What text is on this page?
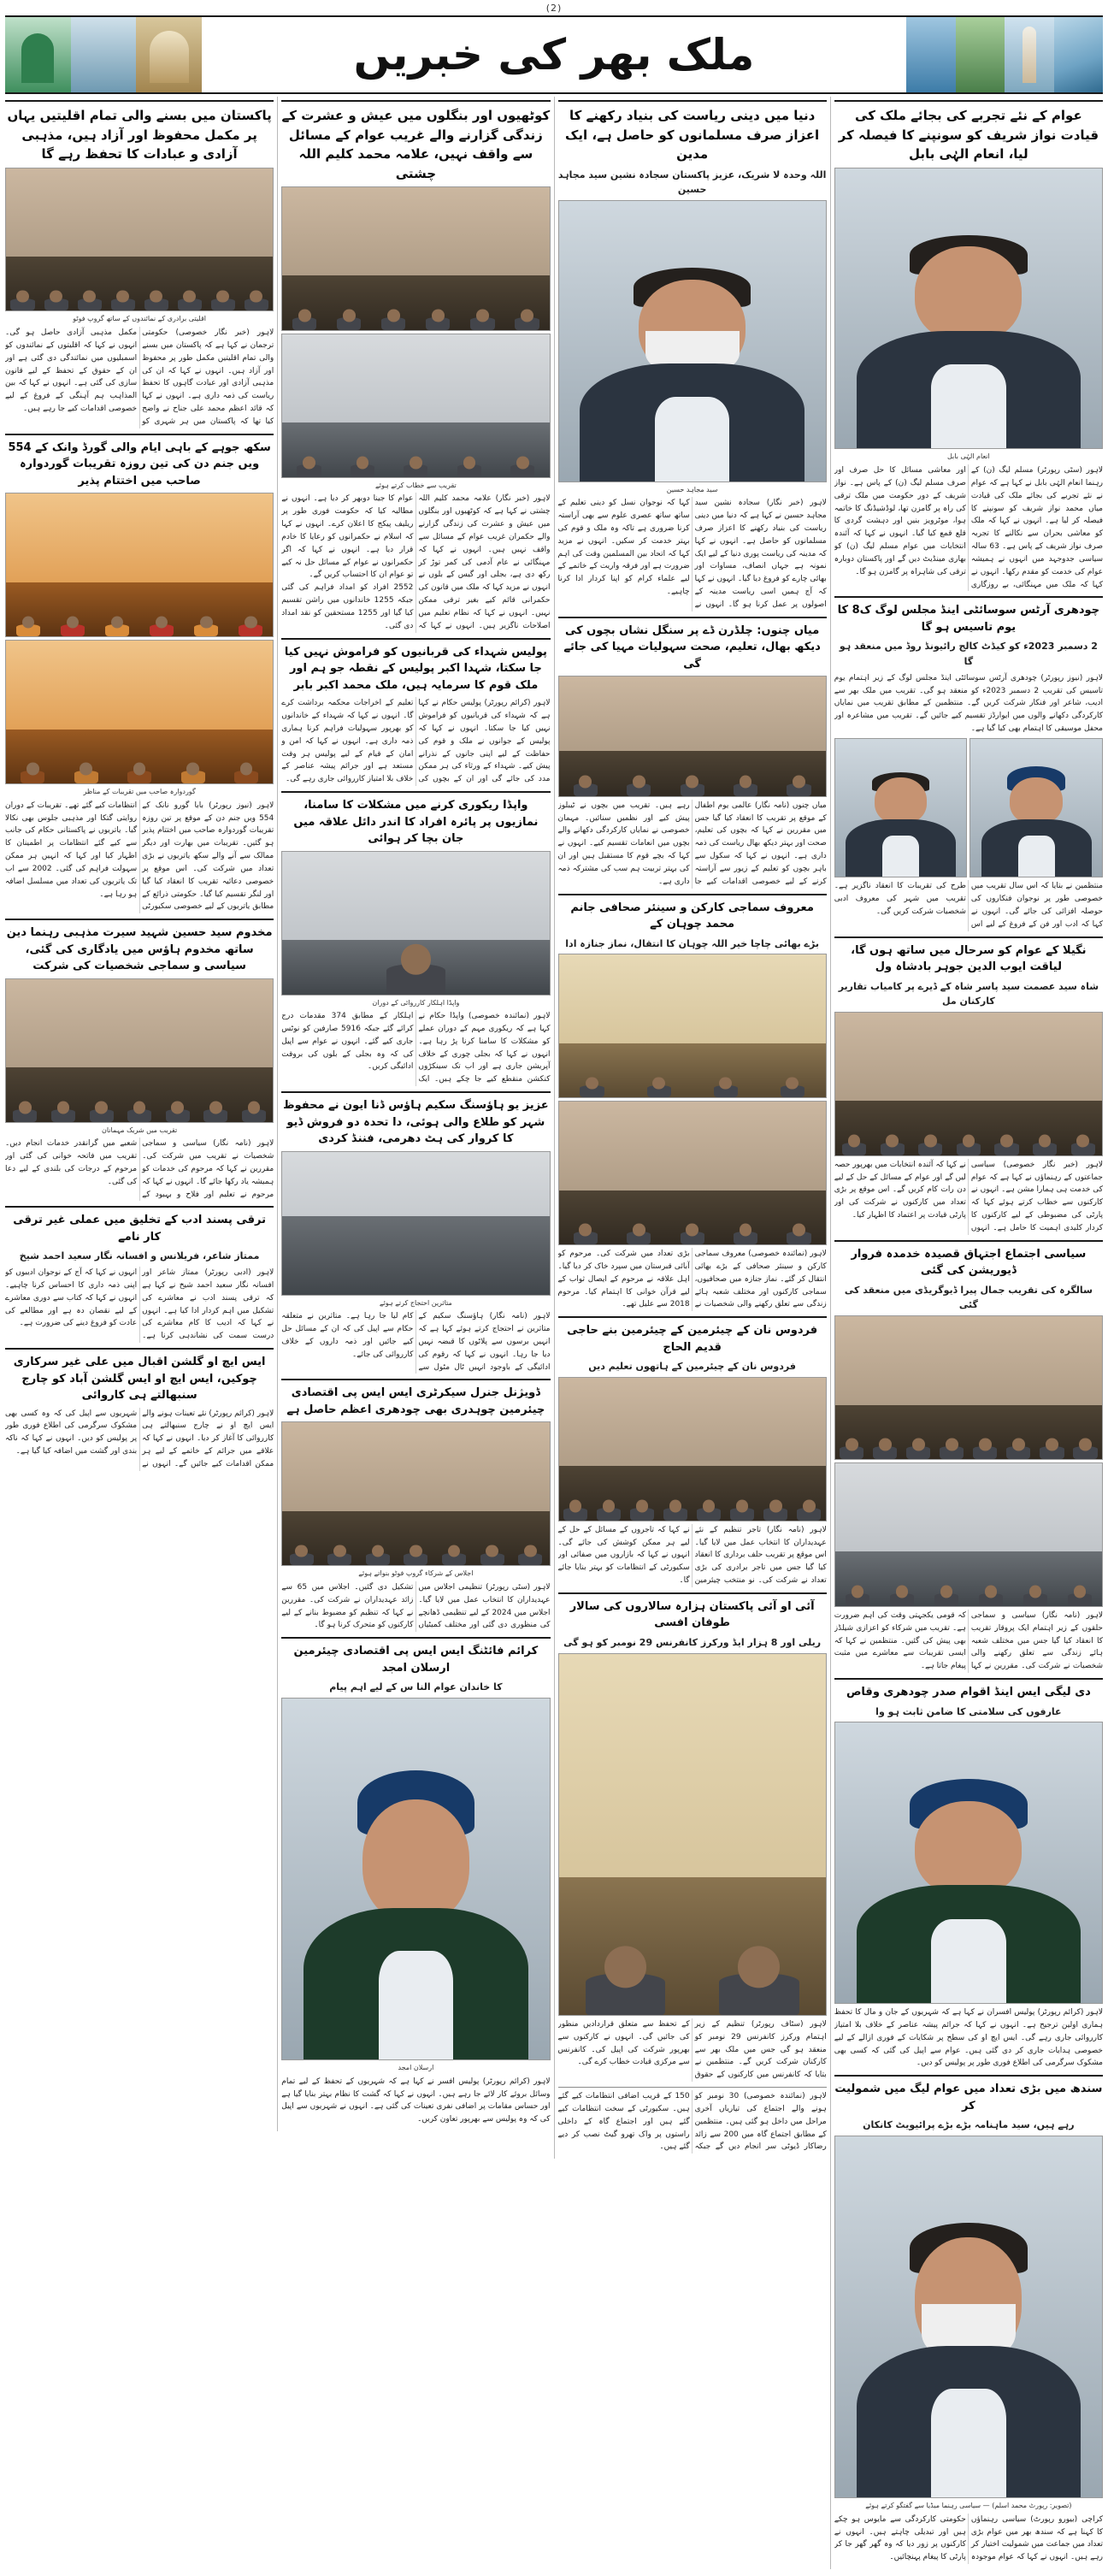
(2)
ملک بھر کی خبریں
عوام کے نئے تجربے کی بجائے ملک کی قیادت نواز شریف کو سونپنے کا فیصلہ کر لیا، انعام الہٰی بابل
انعام الہٰی بابل
لاہور (سٹی رپورٹر) مسلم لیگ (ن) کے رہنما انعام الہٰی بابل نے کہا ہے کہ عوام نے نئے تجربے کی بجائے ملک کی قیادت میاں محمد نواز شریف کو سونپنے کا فیصلہ کر لیا ہے۔ انہوں نے کہا کہ ملک کو معاشی بحران سے نکالنے کا تجربہ صرف نواز شریف کے پاس ہے۔ 63 سالہ سیاسی جدوجہد میں انہوں نے ہمیشہ عوام کی خدمت کو مقدم رکھا۔ انہوں نے کہا کہ ملک میں مہنگائی، بے روزگاری اور معاشی مسائل کا حل صرف اور صرف مسلم لیگ (ن) کے پاس ہے۔ نواز شریف کے دور حکومت میں ملک ترقی کی راہ پر گامزن تھا، لوڈشیڈنگ کا خاتمہ ہوا، موٹرویز بنیں اور دہشت گردی کا قلع قمع کیا گیا۔ انہوں نے کہا کہ آئندہ انتخابات میں عوام مسلم لیگ (ن) کو بھاری مینڈیٹ دیں گے اور پاکستان دوبارہ ترقی کی شاہراہ پر گامزن ہو گا۔
چودھری آرٹس سوسائٹی اینڈ مجلس لوگ ک8 کا یوم تاسیس ہو گا
2 دسمبر 2023ء کو کیڈٹ کالج رائیونڈ روڈ میں منعقد ہو گا
لاہور (نیوز رپورٹر) چودھری آرٹس سوسائٹی اینڈ مجلس لوگ کے زیر اہتمام یوم تاسیس کی تقریب 2 دسمبر 2023ء کو منعقد ہو گی۔ تقریب میں ملک بھر سے ادیب، شاعر اور فنکار شرکت کریں گے۔ منتظمین کے مطابق تقریب میں نمایاں کارکردگی دکھانے والوں میں ایوارڈز تقسیم کیے جائیں گے۔ تقریب میں مشاعرہ اور محفل موسیقی کا اہتمام بھی کیا گیا ہے۔
منتظمین نے بتایا کہ اس سال تقریب میں خصوصی طور پر نوجوان فنکاروں کی حوصلہ افزائی کی جائے گی۔ انہوں نے کہا کہ ادب اور فن کے فروغ کے لیے اس طرح کی تقریبات کا انعقاد ناگزیر ہے۔ تقریب میں شہر کی معروف ادبی شخصیات شرکت کریں گی۔
نگیلا کے عوام کو سرحال میں ساتھ ہوں گا، لیاقت ایوب الدین جوہر بادشاہ ول
شاہ سید عصمت سید پاسر شاہ کے ڈیرے پر کامیاب تقاریر کارکنان مل
لاہور (خبر نگار خصوصی) سیاسی جماعتوں کے رہنماؤں نے کہا ہے کہ عوام کی خدمت ہی ہمارا مشن ہے۔ انہوں نے کارکنوں سے خطاب کرتے ہوئے کہا کہ پارٹی کی مضبوطی کے لیے کارکنوں کا کردار کلیدی اہمیت کا حامل ہے۔ انہوں نے کہا کہ آئندہ انتخابات میں بھرپور حصہ لیں گے اور عوام کے مسائل کے حل کے لیے دن رات کام کریں گے۔ اس موقع پر بڑی تعداد میں کارکنوں نے شرکت کی اور پارٹی قیادت پر اعتماد کا اظہار کیا۔
سیاسی اجتماع اجتہاق قصیدہ خدمدہ فروار ڈیوریشن کی گئی
سالگرہ کی تقریب جمال پیرا ڈیوگریڈی میں منعقد کی گئی
لاہور (نامہ نگار) سیاسی و سماجی حلقوں کے زیر اہتمام ایک پروقار تقریب کا انعقاد کیا گیا جس میں مختلف شعبہ ہائے زندگی سے تعلق رکھنے والی شخصیات نے شرکت کی۔ مقررین نے کہا کہ قومی یکجہتی وقت کی اہم ضرورت ہے۔ تقریب میں شرکاء کو اعزازی شیلڈز بھی پیش کی گئیں۔ منتظمین نے کہا کہ ایسی تقریبات سے معاشرے میں مثبت پیغام جاتا ہے۔
دی لیگی ایس اینڈ اقوام صدر چودھری وقاص
عارفوں کی سلامتی کا ضامن ثابت ہو وا
لاہور (کرائم رپورٹر) پولیس افسران نے کہا ہے کہ شہریوں کے جان و مال کا تحفظ ہماری اولین ترجیح ہے۔ انہوں نے کہا کہ جرائم پیشہ عناصر کے خلاف بلا امتیاز کارروائی جاری رہے گی۔ ایس ایچ او کی سطح پر شکایات کے فوری ازالے کے لیے خصوصی ہدایات جاری کر دی گئی ہیں۔ عوام سے اپیل کی گئی کہ کسی بھی مشکوک سرگرمی کی اطلاع فوری طور پر پولیس کو دیں۔
سندھ میں بڑی تعداد میں عوام لیگ میں شمولیت کر
رہے ہیں، سید ماہنامہ بڑے بڑے پرائیویٹ کانکان
(تصویر: رپورٹ محمد اسلم) — سیاسی رہنما میڈیا سے گفتگو کرتے ہوئے
کراچی (بیورو رپورٹ) سیاسی رہنماؤں کا کہنا ہے کہ سندھ بھر میں عوام بڑی تعداد میں جماعت میں شمولیت اختیار کر رہے ہیں۔ انہوں نے کہا کہ عوام موجودہ حکومتی کارکردگی سے مایوس ہو چکے ہیں اور تبدیلی چاہتے ہیں۔ انہوں نے کارکنوں پر زور دیا کہ وہ گھر گھر جا کر پارٹی کا پیغام پہنچائیں۔
دنیا میں دینی ریاست کی بنیاد رکھنے کا اعزاز صرف مسلمانوں کو حاصل ہے، ایک مدین
اللہ وحدہ لا شریک، عزیز پاکستان سجادہ نشین سید مجاہد حسین
سید مجاہد حسین
لاہور (خبر نگار) سجادہ نشین سید مجاہد حسین نے کہا ہے کہ دنیا میں دینی ریاست کی بنیاد رکھنے کا اعزاز صرف مسلمانوں کو حاصل ہے۔ انہوں نے کہا کہ مدینہ کی ریاست پوری دنیا کے لیے ایک نمونہ ہے جہاں انصاف، مساوات اور بھائی چارے کو فروغ دیا گیا۔ انہوں نے کہا کہ آج ہمیں اسی ریاست مدینہ کے اصولوں پر عمل کرنا ہو گا۔ انہوں نے کہا کہ نوجوان نسل کو دینی تعلیم کے ساتھ ساتھ عصری علوم سے بھی آراستہ کرنا ضروری ہے تاکہ وہ ملک و قوم کی بہتر خدمت کر سکیں۔ انہوں نے مزید کہا کہ اتحاد بین المسلمین وقت کی اہم ضرورت ہے اور فرقہ واریت کے خاتمے کے لیے علماء کرام کو اپنا کردار ادا کرنا چاہیے۔
میاں چنوں: چلڈرن ڈے پر سنگل نشاں بچوں کی دیکھ بھال، تعلیم، صحت سہولیات مہیا کی جائے گی
میاں چنوں (نامہ نگار) عالمی یوم اطفال کے موقع پر تقریب کا انعقاد کیا گیا جس میں مقررین نے کہا کہ بچوں کی تعلیم، صحت اور بہتر دیکھ بھال ریاست کی ذمہ داری ہے۔ انہوں نے کہا کہ سکول سے باہر بچوں کو تعلیم کے زیور سے آراستہ کرنے کے لیے خصوصی اقدامات کیے جا رہے ہیں۔ تقریب میں بچوں نے ٹیبلوز پیش کیے اور نظمیں سنائیں۔ مہمان خصوصی نے نمایاں کارکردگی دکھانے والے بچوں میں انعامات تقسیم کیے۔ انہوں نے کہا کہ بچے قوم کا مستقبل ہیں اور ان کی بہتر تربیت ہم سب کی مشترکہ ذمہ داری ہے۔
معروف سماجی کارکن و سینئر صحافی جانم محمد چوہان کے
بڑے بھائی چاچا خیر اللہ چوہان کا انتقال، نماز جنازہ ادا
لاہور (نمائندہ خصوصی) معروف سماجی کارکن و سینئر صحافی کے بڑے بھائی انتقال کر گئے۔ نماز جنازہ میں صحافیوں، سماجی کارکنوں اور مختلف شعبہ ہائے زندگی سے تعلق رکھنے والی شخصیات نے بڑی تعداد میں شرکت کی۔ مرحوم کو آبائی قبرستان میں سپرد خاک کر دیا گیا۔ اہل علاقہ نے مرحوم کے ایصال ثواب کے لیے قرآن خوانی کا اہتمام کیا۔ مرحوم 2018 سے علیل تھے۔
فردوس نان کے چیئرمین کے چیئرمین بنے حاجی قدیم الحاج
فردوس نان کے چیئرمین کے ہاتھوں تعلیم دیں
لاہور (نامہ نگار) تاجر تنظیم کے نئے عہدیداران کا انتخاب عمل میں لایا گیا۔ اس موقع پر تقریب حلف برداری کا انعقاد کیا گیا جس میں تاجر برادری کی بڑی تعداد نے شرکت کی۔ نو منتخب چیئرمین نے کہا کہ تاجروں کے مسائل کے حل کے لیے ہر ممکن کوشش کی جائے گی۔ انہوں نے کہا کہ بازاروں میں صفائی اور سکیورٹی کے انتظامات کو بہتر بنایا جائے گا۔
آئی او آئی پاکستان ہزارہ سالاروں کی سالار طوفان افسی
ریلی اور 8 ہزار ایڈ ورکرز کانفرنس 29 نومبر کو ہو گی
لاہور (سٹاف رپورٹر) تنظیم کے زیر اہتمام ورکرز کانفرنس 29 نومبر کو منعقد ہو گی جس میں ملک بھر سے کارکنان شرکت کریں گے۔ منتظمین نے بتایا کہ کانفرنس میں کارکنوں کے حقوق کے تحفظ سے متعلق قراردادیں منظور کی جائیں گی۔ انہوں نے کارکنوں سے بھرپور شرکت کی اپیل کی۔ کانفرنس سے مرکزی قیادت خطاب کرے گی۔
لاہور (نمائندہ خصوصی) 30 نومبر کو ہونے والے اجتماع کی تیاریاں آخری مراحل میں داخل ہو گئی ہیں۔ منتظمین کے مطابق اجتماع گاہ میں 200 سے زائد رضاکار ڈیوٹی سر انجام دیں گے جبکہ 150 کے قریب اضافی انتظامات کیے گئے ہیں۔ سکیورٹی کے سخت انتظامات کیے گئے ہیں اور اجتماع گاہ کے داخلی راستوں پر واک تھرو گیٹ نصب کر دیے گئے ہیں۔
کوٹھیوں اور بنگلوں میں عیش و عشرت کے زندگی گزارنے والے غریب عوام کے مسائل سے واقف نہیں، علامہ محمد کلیم اللہ چشتی
تقریب سے خطاب کرتے ہوئے
لاہور (خبر نگار) علامہ محمد کلیم اللہ چشتی نے کہا ہے کہ کوٹھیوں اور بنگلوں میں عیش و عشرت کی زندگی گزارنے والے حکمران غریب عوام کے مسائل سے واقف نہیں ہیں۔ انہوں نے کہا کہ مہنگائی نے عام آدمی کی کمر توڑ کر رکھ دی ہے، بجلی اور گیس کے بلوں نے عوام کا جینا دوبھر کر دیا ہے۔ انہوں نے مطالبہ کیا کہ حکومت فوری طور پر ریلیف پیکج کا اعلان کرے۔ انہوں نے کہا کہ اسلام نے حکمرانوں کو رعایا کا خادم قرار دیا ہے۔ انہوں نے کہا کہ اگر حکمرانوں نے عوام کے مسائل حل نہ کیے تو عوام ان کا احتساب کریں گے۔
انہوں نے مزید کہا کہ ملک میں قانون کی حکمرانی قائم کیے بغیر ترقی ممکن نہیں۔ انہوں نے کہا کہ نظام تعلیم میں اصلاحات ناگزیر ہیں۔ انہوں نے کہا کہ 2552 افراد کو امداد فراہم کی گئی جبکہ 1255 خاندانوں میں راشن تقسیم کیا گیا اور 1255 مستحقین کو نقد امداد دی گئی۔
پولیس شہداء کی قربانیوں کو فراموش نہیں کیا جا سکتا، شہدا اکبر پولیس کے نقطہ جو ہم اور ملک قوم کا سرمایہ ہیں، ملک محمد اکبر بابر
لاہور (کرائم رپورٹر) پولیس حکام نے کہا ہے کہ شہداء کی قربانیوں کو فراموش نہیں کیا جا سکتا۔ انہوں نے کہا کہ پولیس کے جوانوں نے ملک و قوم کی حفاظت کے لیے اپنی جانوں کے نذرانے پیش کیے۔ شہداء کے ورثاء کی ہر ممکن مدد کی جائے گی اور ان کے بچوں کی تعلیم کے اخراجات محکمہ برداشت کرے گا۔ انہوں نے کہا کہ شہداء کے خاندانوں کو بھرپور سہولیات فراہم کرنا ہماری ذمہ داری ہے۔ انہوں نے کہا کہ امن و امان کے قیام کے لیے پولیس ہر وقت مستعد ہے اور جرائم پیشہ عناصر کے خلاف بلا امتیاز کارروائی جاری رہے گی۔
واپڈا ریکوری کرنے میں مشکلات کا سامنا، نمازیوں پر پائرہ افراد کا اندر دائل علاقہ میں جان بچا کر ہوائی
واپڈا اہلکار کارروائی کے دوران
لاہور (نمائندہ خصوصی) واپڈا حکام نے کہا ہے کہ ریکوری مہم کے دوران عملے کو مشکلات کا سامنا کرنا پڑ رہا ہے۔ انہوں نے کہا کہ بجلی چوری کے خلاف آپریشن جاری ہے اور اب تک سینکڑوں کنکشن منقطع کیے جا چکے ہیں۔ ایک اہلکار کے مطابق 374 مقدمات درج کرائے گئے جبکہ 5916 صارفین کو نوٹس جاری کیے گئے۔ انہوں نے عوام سے اپیل کی کہ وہ بجلی کے بلوں کی بروقت ادائیگی کریں۔
عزیز یو ہاؤسنگ سکیم ہاؤس ڈنا ایون نے محفوظ شہر کو طلاع والی ہوئی، دا تحدہ دو فروش ڈیو کا کروار کی ہٹ دھرمی، فننڈ کردی
متاثرین احتجاج کرتے ہوئے
لاہور (نامہ نگار) ہاؤسنگ سکیم کے متاثرین نے احتجاج کرتے ہوئے کہا ہے کہ انہیں برسوں سے پلاٹوں کا قبضہ نہیں دیا جا رہا۔ انہوں نے کہا کہ رقوم کی ادائیگی کے باوجود انہیں ٹال مٹول سے کام لیا جا رہا ہے۔ متاثرین نے متعلقہ حکام سے اپیل کی کہ ان کے مسائل حل کیے جائیں اور ذمہ داروں کے خلاف کارروائی کی جائے۔
ڈویژنل جنرل سیکرٹری ایس ایس پی اقتصادی چیئرمین چوہدری بھی چودھری اعظم حاصل ہے
اجلاس کے شرکاء گروپ فوٹو بنواتے ہوئے
لاہور (سٹی رپورٹر) تنظیمی اجلاس میں عہدیداران کا انتخاب عمل میں لایا گیا۔ اجلاس میں 2024 کے لیے تنظیمی ڈھانچے کی منظوری دی گئی اور مختلف کمیٹیاں تشکیل دی گئیں۔ اجلاس میں 65 سے زائد عہدیداران نے شرکت کی۔ مقررین نے کہا کہ تنظیم کو مضبوط بنانے کے لیے کارکنوں کو متحرک کرنا ہو گا۔
کرائم فائٹنگ ایس ایس پی اقتصادی چیئرمین ارسلان امجد
کا خاندان عوام النا س کے لیے اہم پیام
ارسلان امجد
لاہور (کرائم رپورٹر) پولیس افسر نے کہا ہے کہ شہریوں کے تحفظ کے لیے تمام وسائل بروئے کار لائے جا رہے ہیں۔ انہوں نے کہا کہ گشت کا نظام بہتر بنایا گیا ہے اور حساس مقامات پر اضافی نفری تعینات کی گئی ہے۔ انہوں نے شہریوں سے اپیل کی کہ وہ پولیس سے بھرپور تعاون کریں۔
پاکستان میں بسنے والی تمام اقلیتیں یہاں پر مکمل محفوظ اور آزاد ہیں، مذہبی آزادی و عبادات کا تحفظ رہے گا
اقلیتی برادری کے نمائندوں کے ساتھ گروپ فوٹو
لاہور (خبر نگار خصوصی) حکومتی ترجمان نے کہا ہے کہ پاکستان میں بسنے والی تمام اقلیتیں مکمل طور پر محفوظ اور آزاد ہیں۔ انہوں نے کہا کہ ان کی مذہبی آزادی اور عبادت گاہوں کا تحفظ ریاست کی ذمہ داری ہے۔ انہوں نے کہا کہ قائد اعظم محمد علی جناح نے واضح کیا تھا کہ پاکستان میں ہر شہری کو مکمل مذہبی آزادی حاصل ہو گی۔ انہوں نے کہا کہ اقلیتوں کے نمائندوں کو اسمبلیوں میں نمائندگی دی گئی ہے اور ان کے حقوق کے تحفظ کے لیے قانون سازی کی گئی ہے۔ انہوں نے کہا کہ بین المذاہب ہم آہنگی کے فروغ کے لیے خصوصی اقدامات کیے جا رہے ہیں۔
سکھ جوہے کے باہی ایام والی گورڈ وانک کے 554 ویں جنم دن کی تین روزہ تقریبات گوردوارہ صاحب میں اختتام پذیر
گوردوارہ صاحب میں تقریبات کے مناظر
لاہور (نیوز رپورٹر) بابا گورو نانک کے 554 ویں جنم دن کے موقع پر تین روزہ تقریبات گوردوارہ صاحب میں اختتام پذیر ہو گئیں۔ تقریبات میں بھارت اور دیگر ممالک سے آنے والے سکھ یاتریوں نے بڑی تعداد میں شرکت کی۔ اس موقع پر خصوصی دعائیہ تقریب کا انعقاد کیا گیا اور لنگر تقسیم کیا گیا۔ حکومتی ذرائع کے مطابق یاتریوں کے لیے خصوصی سکیورٹی انتظامات کیے گئے تھے۔ تقریبات کے دوران روایتی گتکا اور مذہبی جلوس بھی نکالا گیا۔ یاتریوں نے پاکستانی حکام کی جانب سے کیے گئے انتظامات پر اطمینان کا اظہار کیا اور کہا کہ انہیں ہر ممکن سہولت فراہم کی گئی۔ 2002 سے اب تک یاتریوں کی تعداد میں مسلسل اضافہ ہو رہا ہے۔
مخدوم سید حسین شہید سیرت مذہبی رہنما دین ساتھ مخدوم ہاؤس میں یادگاری کی گئی، سیاسی و سماجی شخصیات کی شرکت
تقریب میں شریک مہمانان
لاہور (نامہ نگار) سیاسی و سماجی شخصیات نے تقریب میں شرکت کی۔ مقررین نے کہا کہ مرحوم کی خدمات کو ہمیشہ یاد رکھا جائے گا۔ انہوں نے کہا کہ مرحوم نے تعلیم اور فلاح و بہبود کے شعبے میں گرانقدر خدمات انجام دیں۔ تقریب میں فاتحہ خوانی کی گئی اور مرحوم کے درجات کی بلندی کے لیے دعا کی گئی۔
ترقی پسند ادب کے تخلیق میں عملی غیر ترقی کار نامے
ممتاز شاعر، فریلانس و افسانہ نگار سعید احمد شیخ
لاہور (ادبی رپورٹر) ممتاز شاعر اور افسانہ نگار سعید احمد شیخ نے کہا ہے کہ ترقی پسند ادب نے معاشرے کی تشکیل میں اہم کردار ادا کیا ہے۔ انہوں نے کہا کہ ادیب کا کام معاشرے کی درست سمت کی نشاندہی کرنا ہے۔ انہوں نے کہا کہ آج کے نوجوان ادیبوں کو اپنی ذمہ داری کا احساس کرنا چاہیے۔ انہوں نے کہا کہ کتاب سے دوری معاشرے کے لیے نقصان دہ ہے اور مطالعے کی عادت کو فروغ دینے کی ضرورت ہے۔
ایس ایچ او گلشن اقبال میں علی غیر سرکاری چوکیں، ایس ایچ او ایس گلشن آباد کو چارج سنبھالتے ہی کاروائی
لاہور (کرائم رپورٹر) نئے تعینات ہونے والے ایس ایچ او نے چارج سنبھالتے ہی کارروائی کا آغاز کر دیا۔ انہوں نے کہا کہ علاقے میں جرائم کے خاتمے کے لیے ہر ممکن اقدامات کیے جائیں گے۔ انہوں نے شہریوں سے اپیل کی کہ وہ کسی بھی مشکوک سرگرمی کی اطلاع فوری طور پر پولیس کو دیں۔ انہوں نے کہا کہ ناکہ بندی اور گشت میں اضافہ کیا گیا ہے۔
